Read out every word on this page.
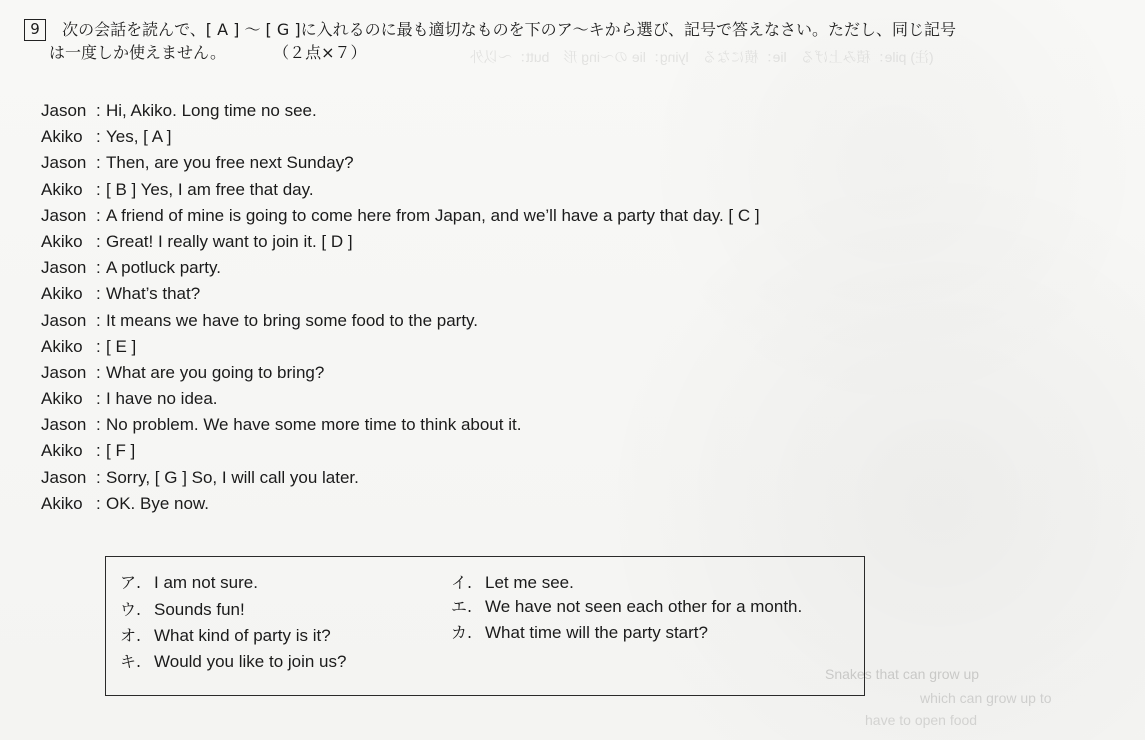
(注) pile：積み上げる　lie：横になる　lying：lie の～ing 形　butt：～以外
Snakes that can grow up
which can grow up to
have to open food
9 次の会話を読んで、[ A ] ～ [ G ]に入れるのに最も適切なものを下のア～キから選び、記号で答えなさい。ただし、同じ記号
は一度しか使えません。	（２点×７）
Jason : Hi, Akiko. Long time no see.
Akiko : Yes, [ A ]
Jason : Then, are you free next Sunday?
Akiko : [ B ] Yes, I am free that day.
Jason : A friend of mine is going to come here from Japan, and we’ll have a party that day. [ C ]
Akiko : Great! I really want to join it. [ D ]
Jason : A potluck party.
Akiko : What’s that?
Jason : It means we have to bring some food to the party.
Akiko : [ E ]
Jason : What are you going to bring?
Akiko : I have no idea.
Jason : No problem. We have some more time to think about it.
Akiko : [ F ]
Jason : Sorry, [ G ] So, I will call you later.
Akiko : OK. Bye now.
ア. I am not sure.	イ. Let me see.
ウ. Sounds fun!	エ. We have not seen each other for a month.
オ. What kind of party is it?	カ. What time will the party start?
キ. Would you like to join us?
